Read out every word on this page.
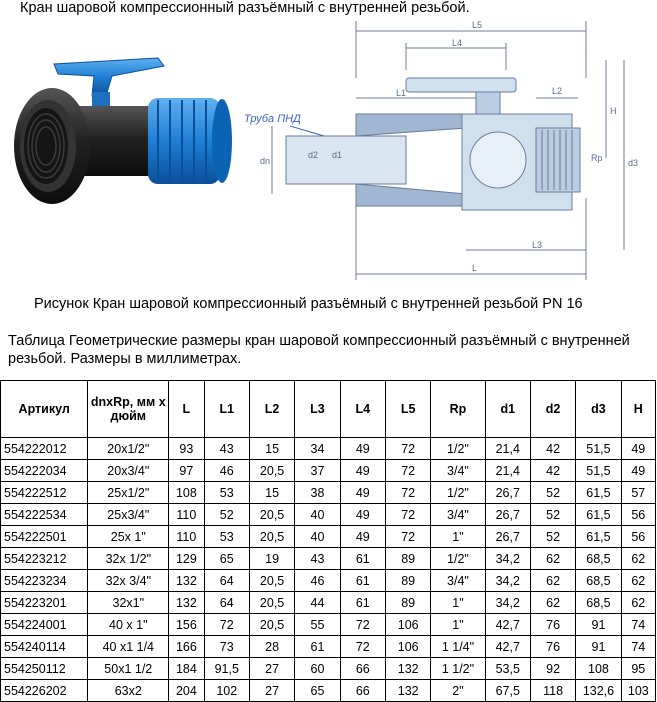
Кран шаровой компрессионный разъёмный с внутренней резьбой.
L5
L4
L1	L2
H
dn
d2 d1	Rp	d3
L3
L
Труба ПНД
Рисунок Кран шаровой компрессионный разъёмный с внутренней резьбой PN 16
Таблица Геометрические размеры кран шаровой компрессионный разъёмный с внутренней резьбой. Размеры в миллиметрах.
Артикул	dnxRp, мм х дюйм	L	L1	L2	L3	L4	L5	Rp	d1	d2	d3	H
554222012	20x1/2"	93	43	15	34	49	72	1/2"	21,4	42	51,5	49
554222034	20x3/4"	97	46	20,5	37	49	72	3/4"	21,4	42	51,5	49
554222512	25x1/2"	108	53	15	38	49	72	1/2"	26,7	52	61,5	57
554222534	25x3/4"	110	52	20,5	40	49	72	3/4"	26,7	52	61,5	56
554222501	25x 1"	110	53	20,5	40	49	72	1"	26,7	52	61,5	56
554223212	32x 1/2"	129	65	19	43	61	89	1/2"	34,2	62	68,5	62
554223234	32x 3/4"	132	64	20,5	46	61	89	3/4"	34,2	62	68,5	62
554223201	32x1"	132	64	20,5	44	61	89	1"	34,2	62	68,5	62
554224001	40 x 1"	156	72	20,5	55	72	106	1"	42,7	76	91	74
554240114	40 x1 1/4	166	73	28	61	72	106	1 1/4"	42,7	76	91	74
554250112	50x1 1/2	184	91,5	27	60	66	132	1 1/2"	53,5	92	108	95
554226202	63x2	204	102	27	65	66	132	2"	67,5	118	132,6	103
